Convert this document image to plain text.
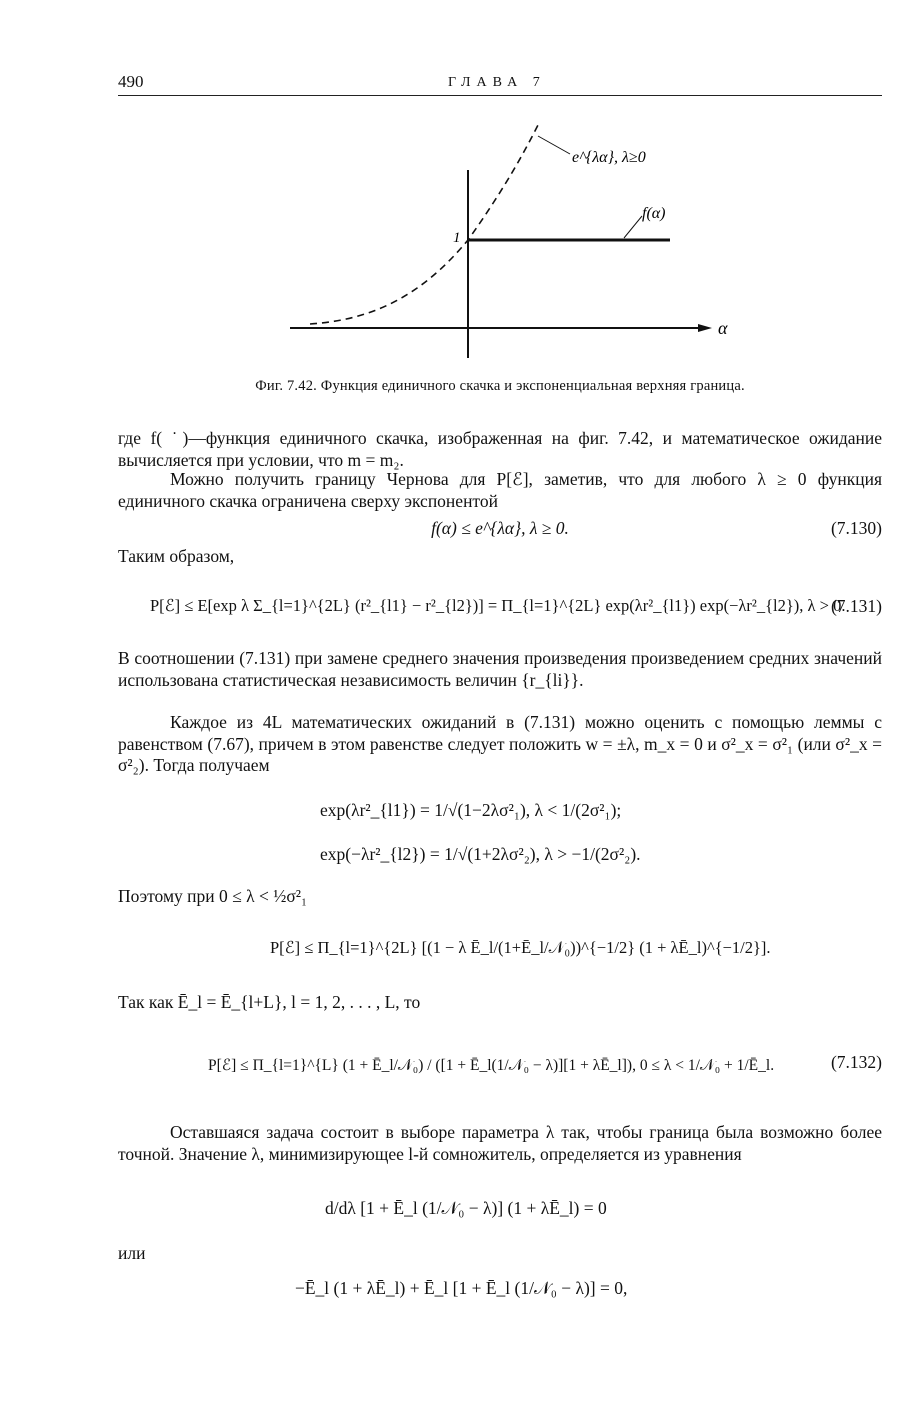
490	ГЛАВА 7
e^{λα}, λ≥0
f(α)
1
α
Фиг. 7.42. Функция единичного скачка и экспоненциальная верхняя граница.
где f( ˙)—функция единичного скачка, изображенная на фиг. 7.42, и математическое ожидание вычисляется при условии, что m = m₂.
Можно получить границу Чернова для P[ℰ], заметив, что для любого λ ≥ 0 функция единичного скачка ограничена сверху экспонентой
f(α) ≤ e^{λα}, λ ≥ 0.	(7.130)
Таким образом,
P[ℰ] ≤ E[exp λ Σ_{l=1}^{2L} (r²_{l1} − r²_{l2})] = Π_{l=1}^{2L} exp(λr²_{l1}) exp(−λr²_{l2}), λ > 0.
(7.131)
В соотношении (7.131) при замене среднего значения произведения произведением средних значений использована статистическая независимость величин {r_{li}}.
Каждое из 4L математических ожиданий в (7.131) можно оценить с помощью леммы с равенством (7.67), причем в этом равенстве следует положить w = ±λ, m_x = 0 и σ²_x = σ²₁ (или σ²_x = σ²₂). Тогда получаем
exp(λr²_{l1}) = 1/√(1−2λσ²₁), λ < 1/(2σ²₁);
exp(−λr²_{l2}) = 1/√(1+2λσ²₂), λ > −1/(2σ²₂).
Поэтому при 0 ≤ λ < ½σ²₁
P[ℰ] ≤ Π_{l=1}^{2L} [(1 − λ Ē_l/(1+Ē_l/𝒩₀))^{−1/2} (1 + λĒ_l)^{−1/2}].
Так как Ē_l = Ē_{l+L}, l = 1, 2, . . . , L, то
P[ℰ] ≤ Π_{l=1}^{L} (1 + Ē_l/𝒩₀) / ([1 + Ē_l(1/𝒩₀ − λ)][1 + λĒ_l]), 0 ≤ λ < 1/𝒩₀ + 1/Ē_l.	(7.132)
Оставшаяся задача состоит в выборе параметра λ так, чтобы граница была возможно более точной. Значение λ, минимизирующее l-й сомножитель, определяется из уравнения
d/dλ [1 + Ē_l (1/𝒩₀ − λ)] (1 + λĒ_l) = 0
или
−Ē_l (1 + λĒ_l) + Ē_l [1 + Ē_l (1/𝒩₀ − λ)] = 0,
